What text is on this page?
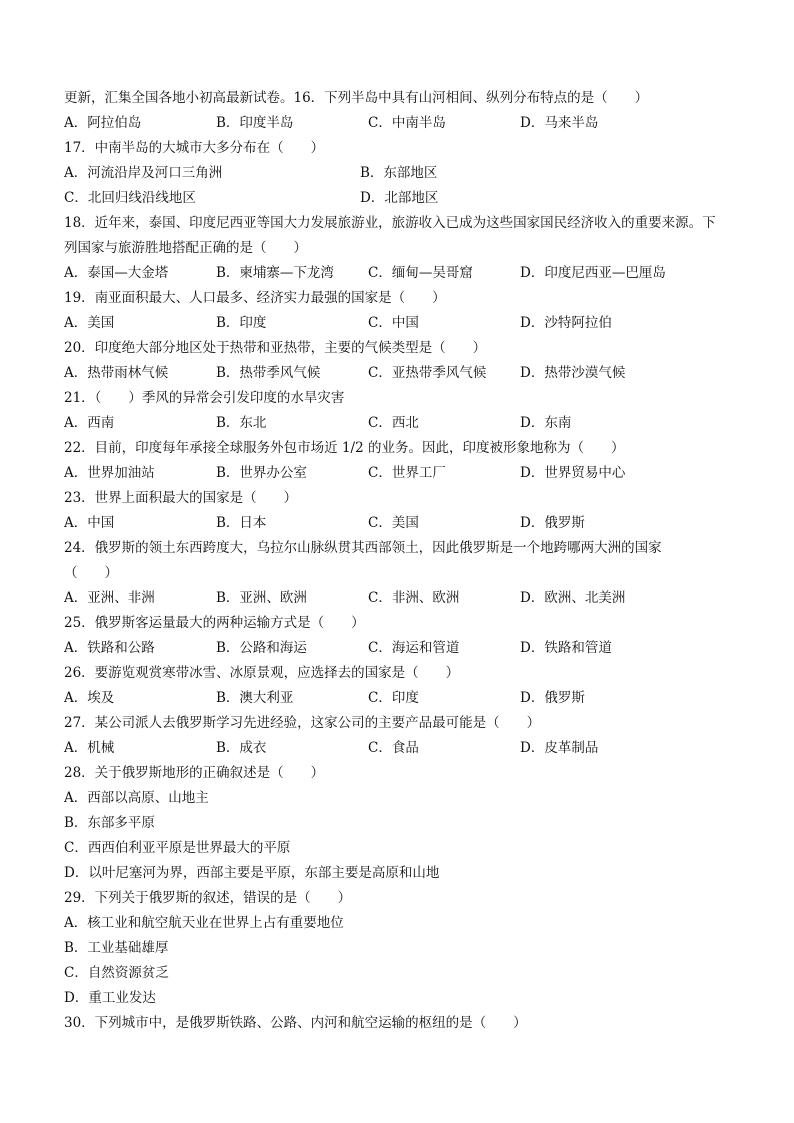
更新，汇集全国各地小初高最新试卷。16．下列半岛中具有山河相间、纵列分布特点的是（　　）
A．阿拉伯岛	B．印度半岛	C．中南半岛	D．马来半岛
17．中南半岛的大城市大多分布在（　　）
A．河流沿岸及河口三角洲	B．东部地区
C．北回归线沿线地区	D．北部地区
18．近年来，泰国、印度尼西亚等国大力发展旅游业，旅游收入已成为这些国家国民经济收入的重要来源。下
列国家与旅游胜地搭配正确的是（　　）
A．泰国—大金塔	B．柬埔寨—下龙湾	C．缅甸—吴哥窟	D．印度尼西亚—巴厘岛
19．南亚面积最大、人口最多、经济实力最强的国家是（　　）
A．美国	B．印度	C．中国	D．沙特阿拉伯
20．印度绝大部分地区处于热带和亚热带，主要的气候类型是（　　）
A．热带雨林气候	B．热带季风气候	C．亚热带季风气候	D．热带沙漠气候
21．（　　）季风的异常会引发印度的水旱灾害
A．西南	B．东北	C．西北	D．东南
22．目前，印度每年承接全球服务外包市场近 1/2 的业务。因此，印度被形象地称为（　　）
A．世界加油站	B．世界办公室	C．世界工厂	D．世界贸易中心
23．世界上面积最大的国家是（　　）
A．中国	B．日本	C．美国	D．俄罗斯
24．俄罗斯的领土东西跨度大，乌拉尔山脉纵贯其西部领土，因此俄罗斯是一个地跨哪两大洲的国家
（　　）
A．亚洲、非洲	B．亚洲、欧洲	C．非洲、欧洲	D．欧洲、北美洲
25．俄罗斯客运量最大的两种运输方式是（　　）
A．铁路和公路	B．公路和海运	C．海运和管道	D．铁路和管道
26．要游览观赏寒带冰雪、冰原景观，应选择去的国家是（　　）
A．埃及	B．澳大利亚	C．印度	D．俄罗斯
27．某公司派人去俄罗斯学习先进经验，这家公司的主要产品最可能是（　　）
A．机械	B．成衣	C．食品	D．皮革制品
28．关于俄罗斯地形的正确叙述是（　　）
A．西部以高原、山地主
B．东部多平原
C．西西伯利亚平原是世界最大的平原
D．以叶尼塞河为界，西部主要是平原，东部主要是高原和山地
29．下列关于俄罗斯的叙述，错误的是（　　）
A．核工业和航空航天业在世界上占有重要地位
B．工业基础雄厚
C．自然资源贫乏
D．重工业发达
30．下列城市中，是俄罗斯铁路、公路、内河和航空运输的枢纽的是（　　）
